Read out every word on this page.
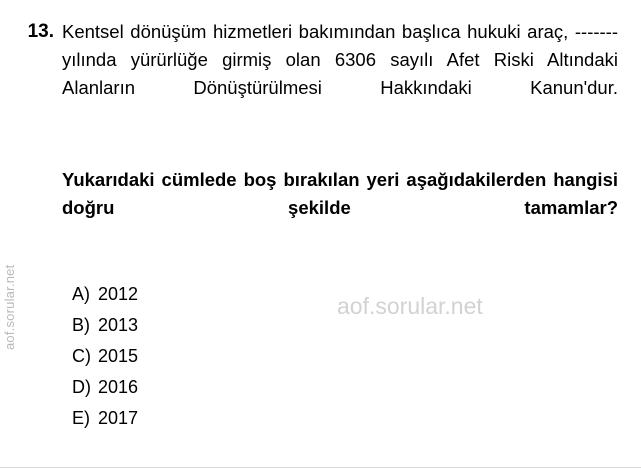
aof.sorular.net	aof.sorular.net
13. Kentsel dönüşüm hizmetleri bakımından başlıca hukuki araç, ------- yılında yürürlüğe girmiş olan 6306 sayılı Afet Riski Altındaki Alanların Dönüştürülmesi Hakkındaki Kanun'dur.

Yukarıdaki cümlede boş bırakılan yeri aşağıdakilerden hangisi doğru şekilde tamamlar?

A) 2012
B) 2013
C) 2015
D) 2016
E) 2017
